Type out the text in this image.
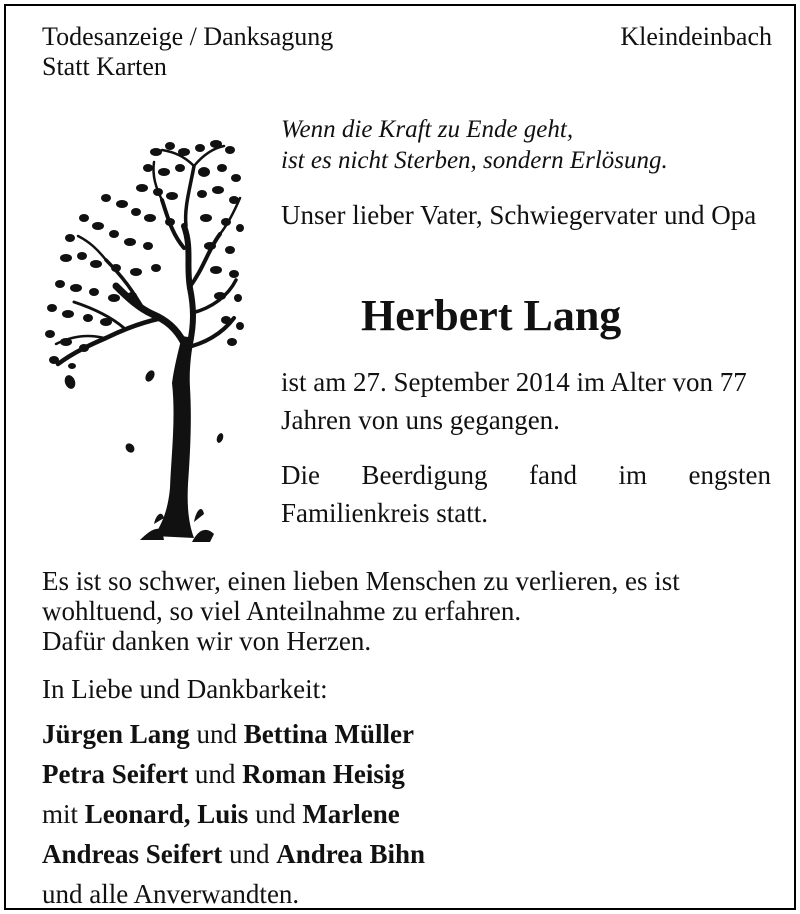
Todesanzeige / Danksagung
Statt Karten
Kleindeinbach
Wenn die Kraft zu Ende geht,
ist es nicht Sterben, sondern Erlösung.
Unser lieber Vater, Schwiegervater und Opa
Herbert Lang
ist am 27. September 2014 im Alter von 77 Jahren von uns gegangen.
Die Beerdigung fand im engsten Familienkreis statt.

Es ist so schwer, einen lieben Menschen zu verlieren, es ist wohltuend, so viel Anteilnahme zu erfahren.

Dafür danken wir von Herzen.

In Liebe und Dankbarkeit:
Jürgen Lang und Bettina Müller
Petra Seifert und Roman Heisig
mit Leonard, Luis und Marlene
Andreas Seifert und Andrea Bihn
und alle Anverwandten.
